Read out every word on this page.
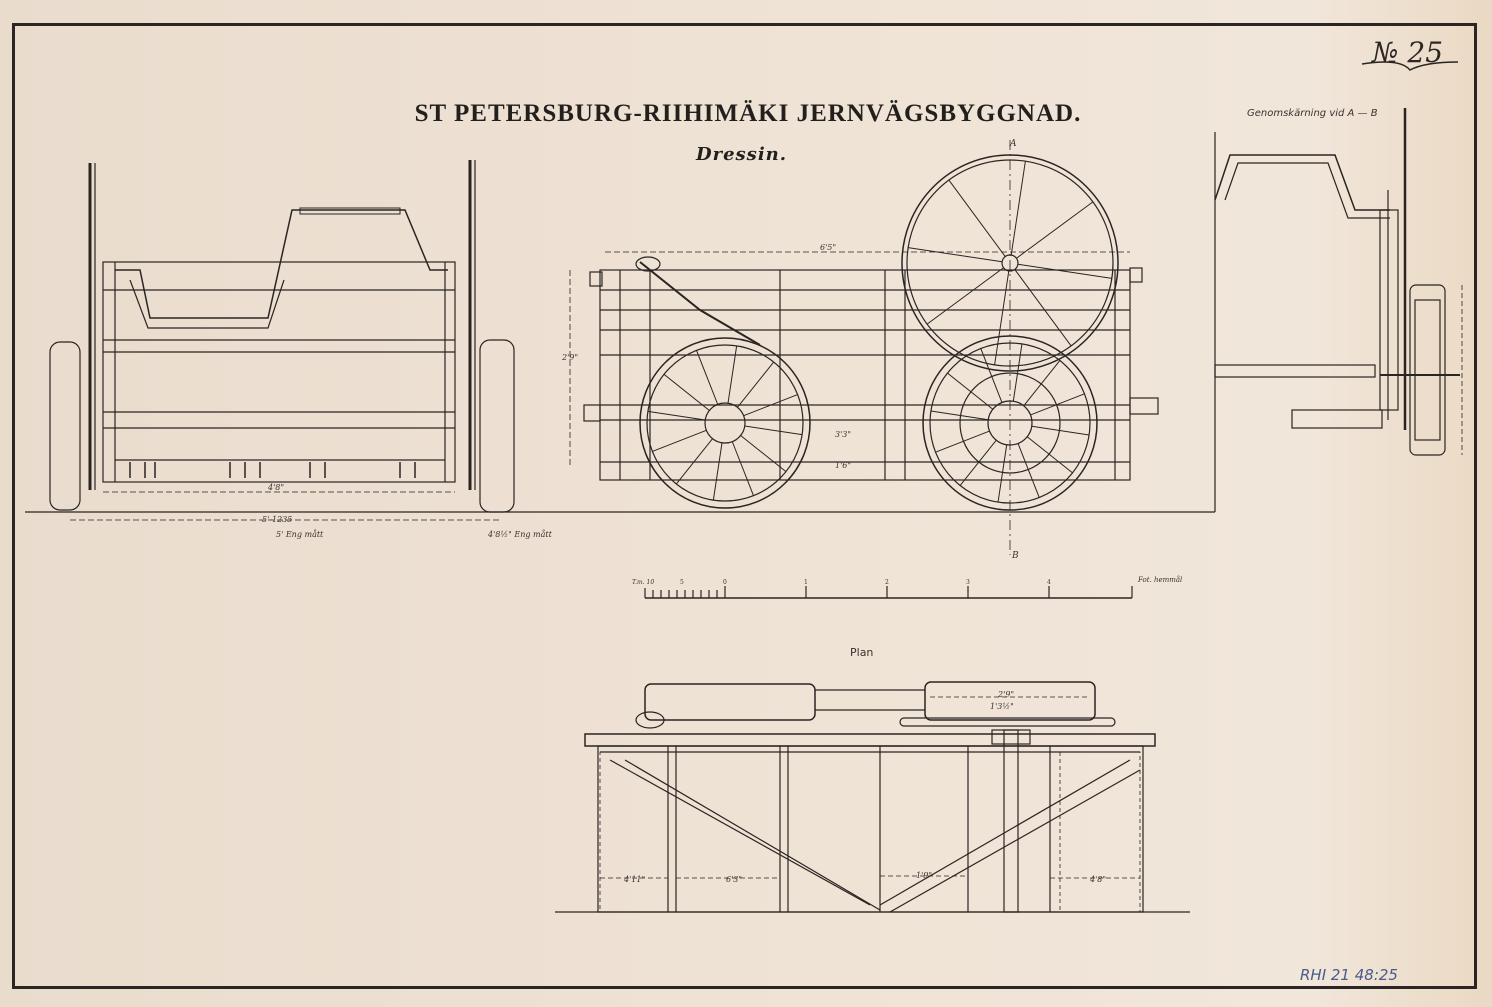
ST PETERSBURG-RIIHIMÄKI JERNVÄGSBYGGNAD.
Dressin.
№ 25
Genomskärning vid A — B
Plan
RHI 21 48:25
4'8"
5'-1235
5' Eng mått	4'8½" Eng mått
6'5"
2'9"
3'3"
1'6"
A
B
T.m. 10	Fot. hemmål
5	0	1	2	3	4
2'9"
1'3½"
4'11"	6'3"	1'9"	4'8"
